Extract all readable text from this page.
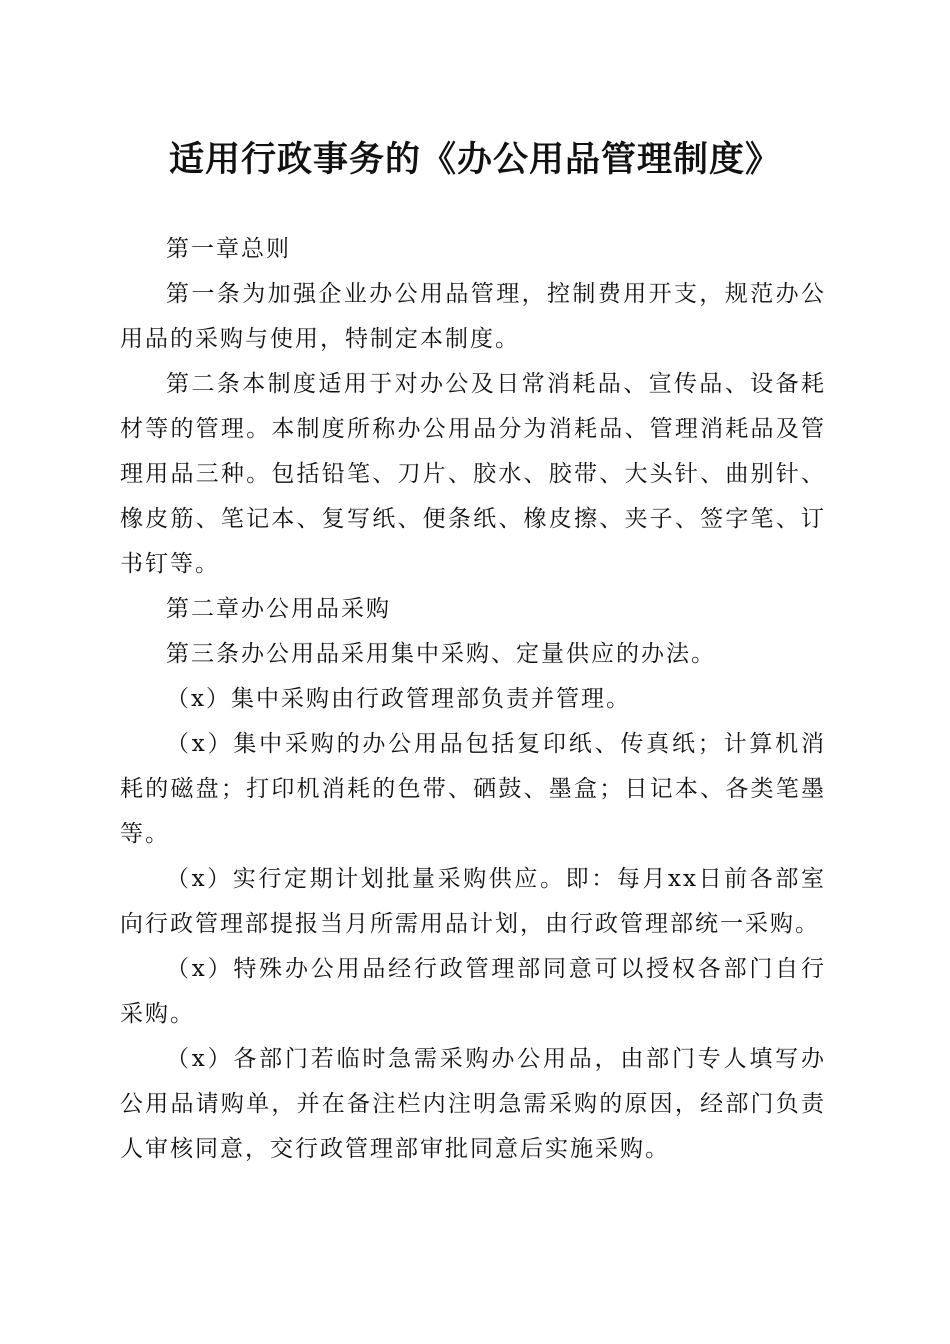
适用行政事务的《办公用品管理制度》

第一章总则

第一条为加强企业办公用品管理，控制费用开支，规范办公用品的采购与使用，特制定本制度。

第二条本制度适用于对办公及日常消耗品、宣传品、设备耗材等的管理。本制度所称办公用品分为消耗品、管理消耗品及管理用品三种。包括铅笔、刀片、胶水、胶带、大头针、曲别针、橡皮筋、笔记本、复写纸、便条纸、橡皮擦、夹子、签字笔、订书钉等。

第二章办公用品采购

第三条办公用品采用集中采购、定量供应的办法。

（x）集中采购由行政管理部负责并管理。

（x）集中采购的办公用品包括复印纸、传真纸；计算机消耗的磁盘；打印机消耗的色带、硒鼓、墨盒；日记本、各类笔墨等。

（x）实行定期计划批量采购供应。即：每月xx日前各部室向行政管理部提报当月所需用品计划，由行政管理部统一采购。

（x）特殊办公用品经行政管理部同意可以授权各部门自行采购。

（x）各部门若临时急需采购办公用品，由部门专人填写办公用品请购单，并在备注栏内注明急需采购的原因，经部门负责人审核同意，交行政管理部审批同意后实施采购。
